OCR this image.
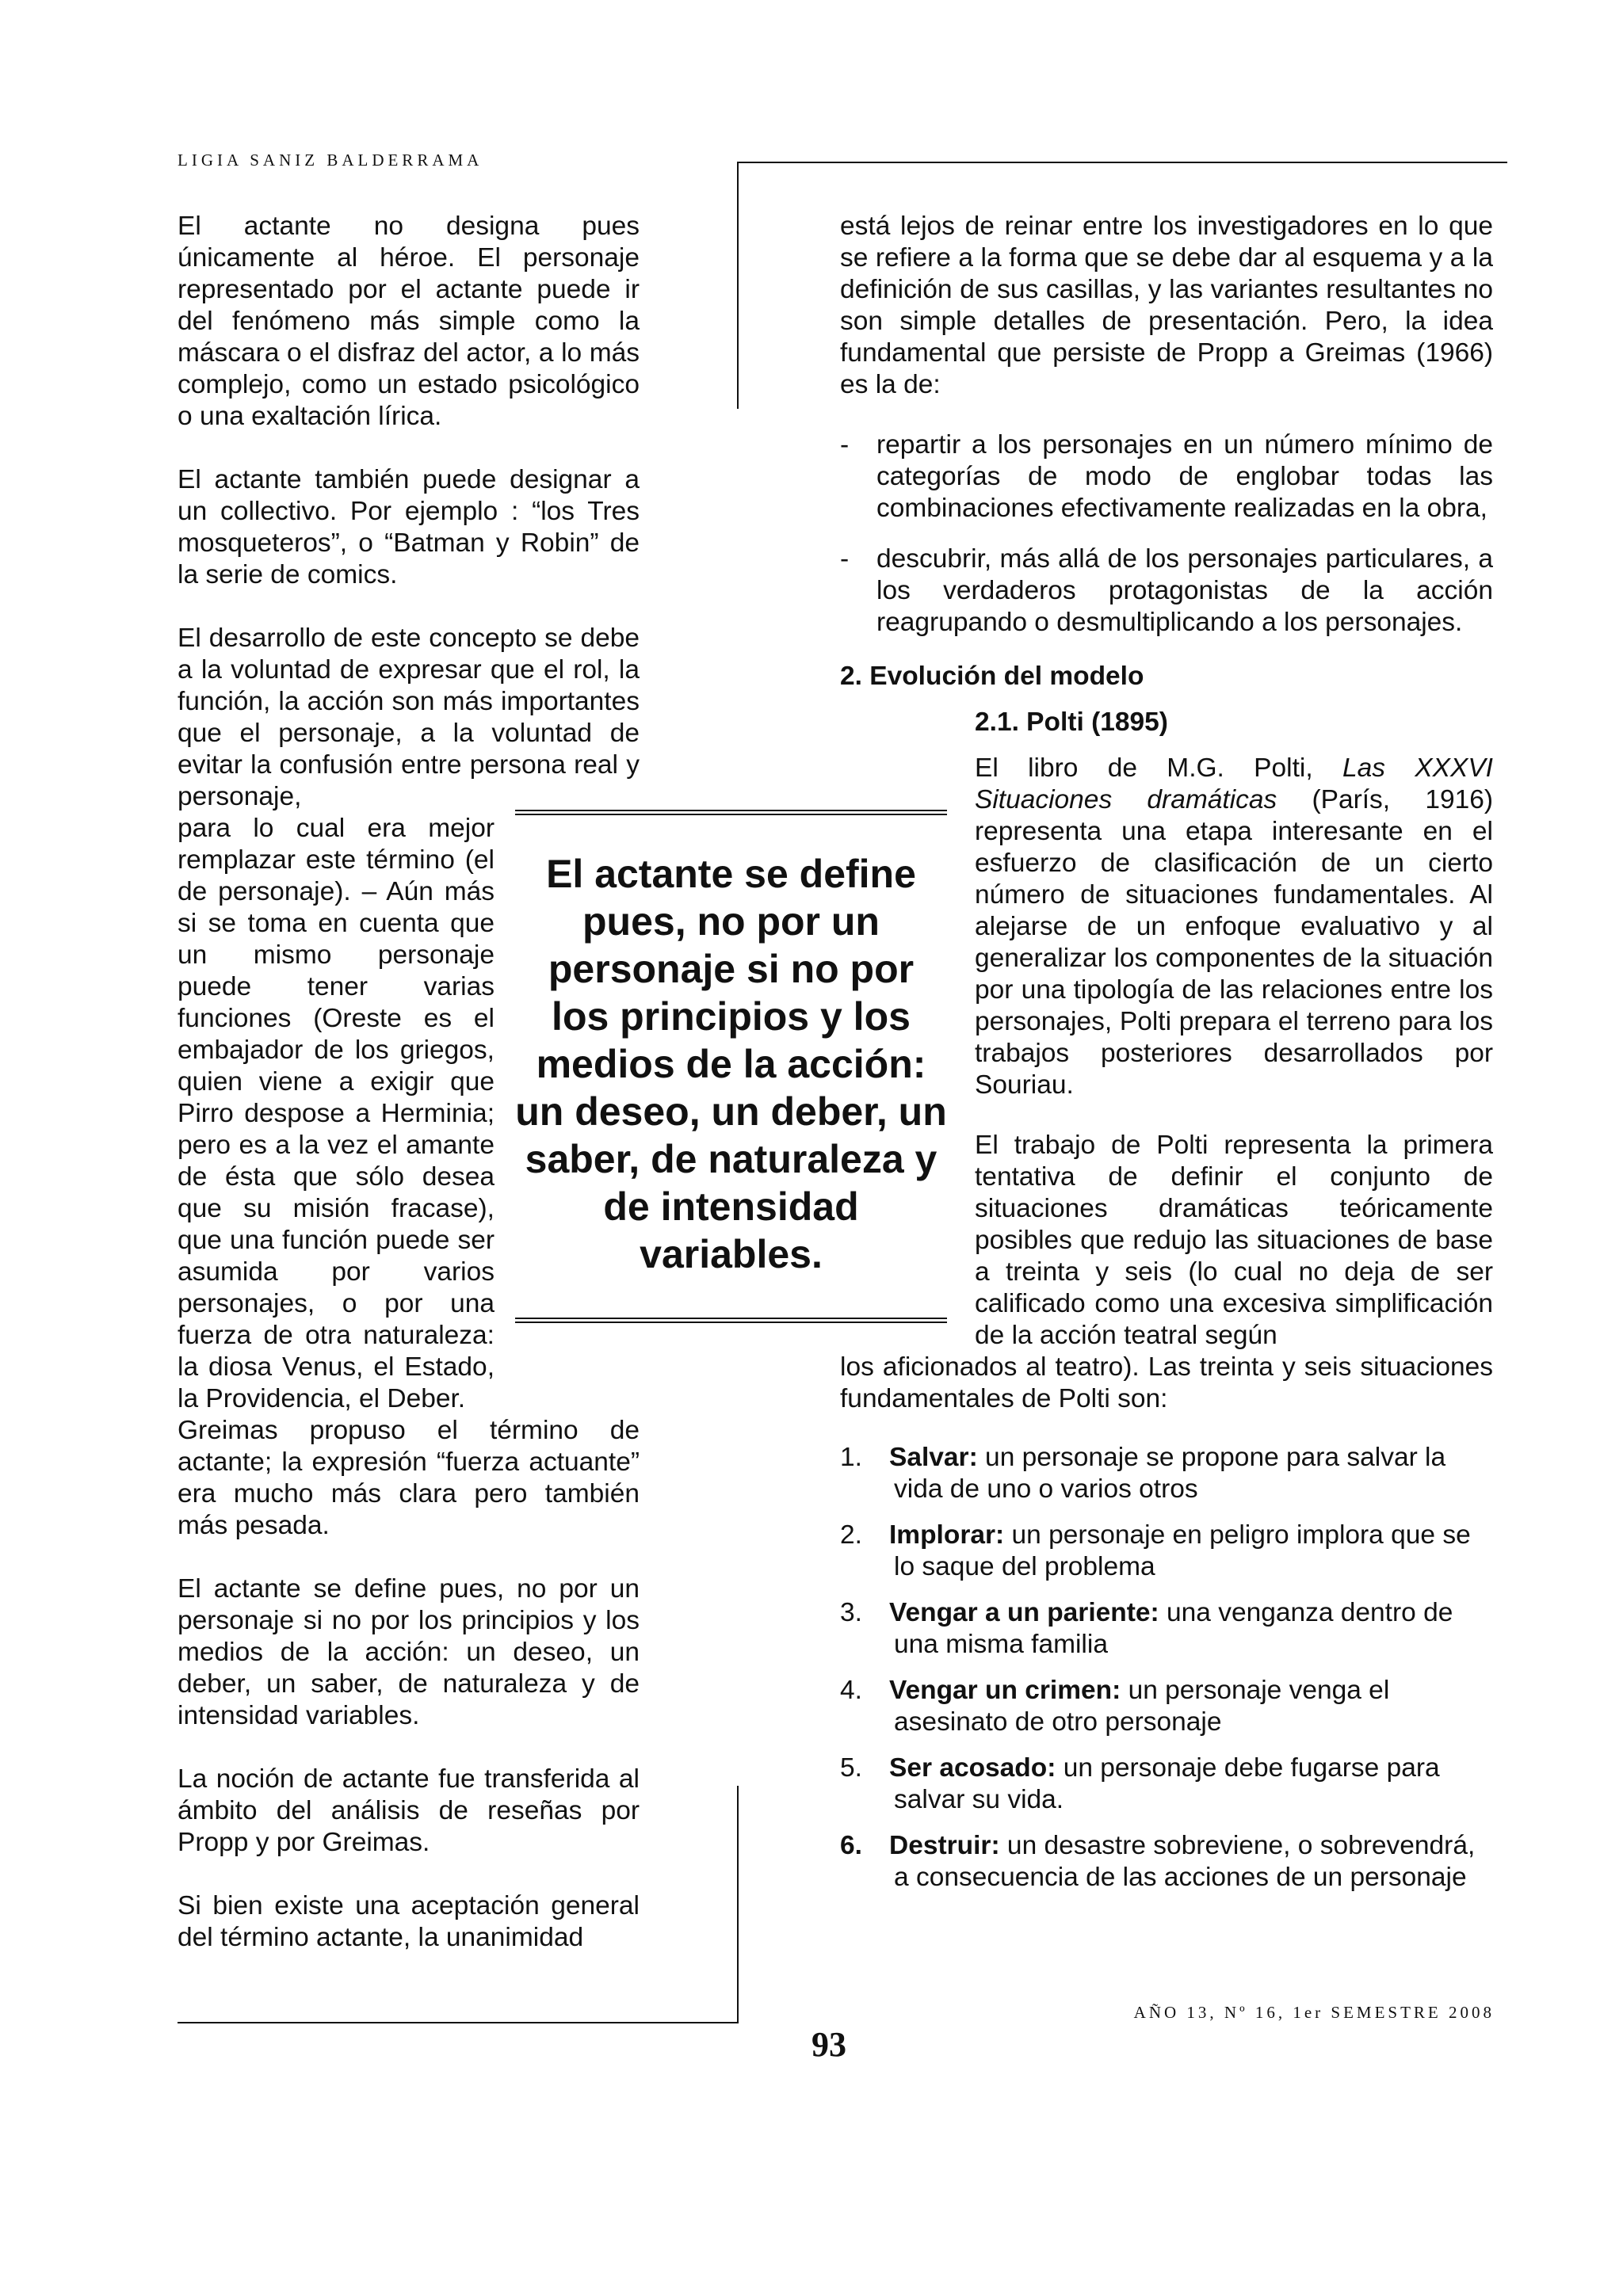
LIGIA SANIZ BALDERRAMA

El actante no designa pues únicamente al héroe. El personaje representado por el actante puede ir del fenómeno más simple como la máscara o el disfraz del actor, a lo más complejo, como un estado psicológico o una exaltación lírica.

El actante también puede designar a un collectivo. Por ejemplo : “los Tres mosqueteros”, o “Batman y Robin” de la serie de comics.

El desarrollo de este concepto se debe a la voluntad de expresar que el rol, la función, la acción son más importantes que el personaje, a la voluntad de evitar la confusión entre persona real y personaje,

para lo cual era mejor remplazar este término (el de personaje). – Aún más si se toma en cuenta que un mismo personaje puede tener varias funciones (Oreste es el embajador de los griegos, quien viene a exigir que Pirro despose a Herminia; pero es a la vez el amante de ésta que sólo desea que su misión fracase), que una función puede ser asumida por varios personajes, o por una fuerza de otra naturaleza: la diosa Venus, el Estado, la Providencia, el Deber.

Greimas propuso el término de actante; la expresión “fuerza actuante” era mucho más clara pero también más pesada.

El actante se define pues, no por un personaje si no por los principios y los medios de la acción: un deseo, un deber, un saber, de naturaleza y de intensidad variables.

La noción de actante fue transferida al ámbito del análisis de reseñas por Propp y por Greimas.

Si bien existe una aceptación general del término actante, la unanimidad

El actante se define pues, no por un personaje si no por los principios y los medios de la acción: un deseo, un deber, un saber, de naturaleza y de intensidad variables.

está lejos de reinar entre los investigadores en lo que se refiere a la forma que se debe dar al esquema y a la definición de sus casillas, y las variantes resultantes no son simple detalles de presentación. Pero, la idea fundamental que persiste de Propp a Greimas (1966) es la de:

-	repartir a los personajes en un número mínimo de categorías de modo de englobar todas las combinaciones efectivamente realizadas en la obra,
-	descubrir, más allá de los personajes particulares, a los verdaderos protagonistas de la acción reagrupando o desmultiplicando a los personajes.
2. Evolución del modelo
2.1. Polti (1895)

El libro de M.G. Polti, Las XXXVI Situaciones dramáticas (París, 1916) representa una etapa interesante en el esfuerzo de clasificación de un cierto número de situaciones fundamentales. Al alejarse de un enfoque evaluativo y al generalizar los componentes de la situación por una tipología de las relaciones entre los personajes, Polti prepara el terreno para los trabajos posteriores desarrollados por Souriau.

El trabajo de Polti representa la primera tentativa de definir el conjunto de situaciones dramáticas teóricamente posibles que redujo las situaciones de base a treinta y seis (lo cual no deja de ser calificado como una excesiva simplificación de la acción teatral según

los aficionados al teatro). Las treinta y seis situaciones fundamentales de Polti son:

1.	Salvar: un personaje se propone para salvar la
vida de uno o varios otros
2.	Implorar: un personaje en peligro implora que se
lo saque del problema
3.	Vengar a un pariente: una venganza dentro de
una misma familia
4.	Vengar un crimen: un personaje venga el
asesinato de otro personaje
5.	Ser acosado: un personaje debe fugarse para
salvar su vida.
6.	Destruir: un desastre sobreviene, o sobrevendrá,
a consecuencia de las acciones de un personaje
AÑO 13, Nº 16, 1er SEMESTRE 2008
93
